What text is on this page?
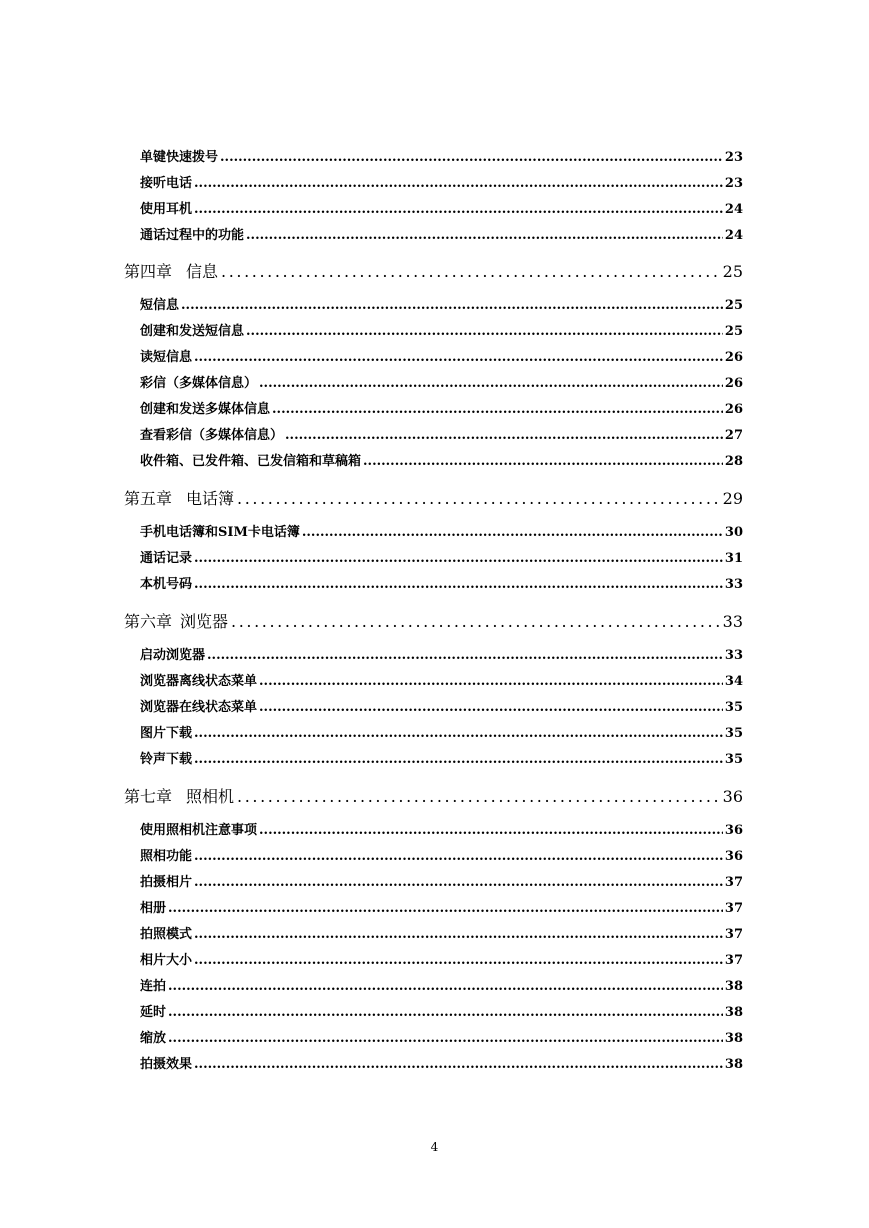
单键快速拨号 .....	23
接听电话 .....	23
使用耳机 .....	24
通话过程中的功能 .....	24
第四章 信息 .....	25
短信息 .....	25
创建和发送短信息 .....	25
读短信息 .....	26
彩信（多媒体信息） .....	26
创建和发送多媒体信息 .....	26
查看彩信（多媒体信息） .....	27
收件箱、已发件箱、已发信箱和草稿箱 .....	28
第五章 电话簿 .....	29
手机电话簿和SIM卡电话簿 .....	30
通话记录 .....	31
本机号码 .....	33
第六章 浏览器 .....	33
启动浏览器 .....	33
浏览器离线状态菜单 .....	34
浏览器在线状态菜单 .....	35
图片下载 .....	35
铃声下载 .....	35
第七章 照相机 .....	36
使用照相机注意事项 .....	36
照相功能 .....	36
拍摄相片 .....	37
相册 .....	37
拍照模式 .....	37
相片大小 .....	37
连拍 .....	38
延时 .....	38
缩放 .....	38
拍摄效果 .....	38
4
